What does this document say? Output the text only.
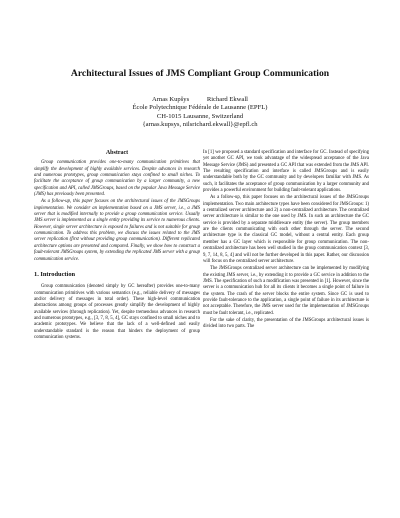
Architectural Issues of JMS Compliant Group Communication
Arnas Kupšys	Richard Ekwall
École Polytechnique Fédérale de Lausanne (EPFL)
CH-1015 Lausanne, Switzerland
{arnas.kupsys, nilsrichard.ekwall}@epfl.ch
Abstract

Group communication provides one-to-many communication primitives that simplify the development of highly available services. Despite advances in research and numerous prototypes, group communication stays confined to small niches. To facilitate the acceptance of group communication by a larger community, a new specification and API, called JMSGroups, based on the popular Java Message Service (JMS) has previously been presented.

As a follow-up, this paper focuses on the architectural issues of the JMSGroups implementation. We consider an implementation based on a JMS server, i.e., a JMS server that is modified internally to provide a group communication service. Usually JMS server is implemented as a single entity providing its service to numerous clients. However, single server architecture is exposed to failures and is not suitable for group communication. To address this problem, we discuss the issues related to the JMS server replication (first without providing group communication). Different replicated architecture options are presented and compared. Finally, we show how to construct a fault-tolerant JMSGroups system, by extending the replicated JMS server with a group communication service.

1. Introduction

Group communication (denoted simply by GC hereafter) provides one-to-many communication primitives with various semantics (e.g., reliable delivery of messages and/or delivery of messages in total order). These high-level communication abstractions among groups of processes greatly simplify the development of highly available services (through replication). Yet, despite tremendous advances in research and numerous prototypes, e.g., [3, 7, 8, 5, 4], GC stays confined to small niches and to academic prototypes. We believe that the lack of a well-defined and easily understandable standard is the reason that hinders the deployment of group communication systems.

In [1] we proposed a standard specification and interface for GC. Instead of specifying yet another GC API, we took advantage of the widespread acceptance of the Java Message Service (JMS) and presented a GC API that was extended from the JMS API. The resulting specification and interface is called JMSGroups and is easily understandable both by the GC community and by developers familiar with JMS. As such, it facilitates the acceptance of group communication by a larger community and provides a powerful environment for building fault-tolerant applications.

As a follow-up, this paper focuses on the architectural issues of the JMSGroups implementation. Two main architecture types have been considered for JMSGroups: 1) a centralized server architecture and 2) a non-centralized architecture. The centralized server architecture is similar to the one used by JMS. In such an architecture the GC service is provided by a separate middleware entity (the server). The group members are the clients communicating with each other through the server. The second architecture type is the classical GC model, without a central entity. Each group member has a GC layer which is responsible for group communication. The non-centralized architecture has been well studied in the group communication context [3, 9, 7, 14, 8, 5, 4] and will not be further developed in this paper. Rather, our discussion will focus on the centralized server architecture.

The JMSGroups centralized server architecture can be implemented by modifying the existing JMS server, i.e., by extending it to provide a GC service in addition to the JMS. The specification of such a modification was presented in [1]. However, since the server is a communication hub for all its clients it becomes a single point of failure in the system. The crash of the server blocks the entire system. Since GC is used to provide fault-tolerance to the application, a single point of failure in its architecture is not acceptable. Therefore, the JMS server used for the implementation of JMSGroups must be fault tolerant, i.e., replicated.

For the sake of clarity, the presentation of the JMSGroups architectural issues is divided into two parts. The
